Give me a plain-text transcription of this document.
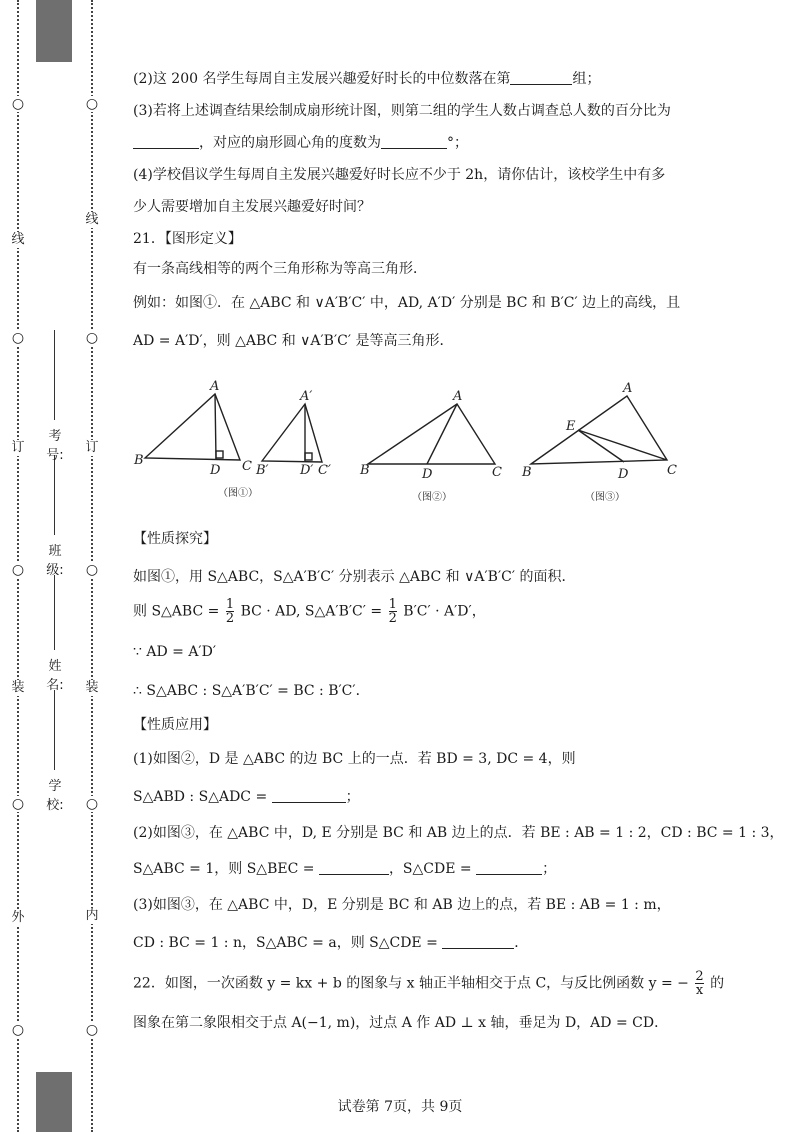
○
线
○
订
○
装
○
外
○
学校:
姓名:
班级:
考号:
○
线
○
订
○
装
○
内
○
(2)这 200 名学生每周自主发展兴趣爱好时长的中位数落在第	组；
(3)若将上述调查结果绘制成扇形统计图，则第二组的学生人数占调查总人数的百分比为
，对应的扇形圆心角的度数为	°；
(4)学校倡议学生每周自主发展兴趣爱好时长应不少于 2h，请你估计，该校学生中有多
少人需要增加自主发展兴趣爱好时间？
21．【图形定义】
有一条高线相等的两个三角形称为等高三角形．
例如：如图①．在 △ABC 和 ∨A′B′C′ 中，AD, A′D′ 分别是 BC 和 B′C′ 边上的高线，且
AD = A′D′，则 △ABC 和 ∨A′B′C′ 是等高三角形．
A
B
D C
A′
B′ D′ C′
A
B	D	C
A
E
B	D	C
（图①）	（图②）	（图③）
【性质探究】
如图①，用 S△ABC，S△A′B′C′ 分别表示 △ABC 和 ∨A′B′C′ 的面积．
则 S△ABC = $\frac{1}{2}$ BC · AD, S△A′B′C′ = $\frac{1}{2} B'C' \cdot A'D'$，
∵ AD = A′D′
∴ S△ABC : S△A′B′C′ = BC : B′C′．
【性质应用】
(1)如图②，D 是 △ABC 的边 BC 上的一点．若 BD = 3, DC = 4，则
S△ABD : S△ADC =	；
(2)如图③，在 △ABC 中，D, E 分别是 BC 和 AB 边上的点．若 BE : AB = 1 : 2，CD : BC = 1 : 3，
S△ABC = 1，则 S△BEC =	，S△CDE =	；
(3)如图③，在 △ABC 中，D，E 分别是 BC 和 AB 边上的点，若 BE : AB = 1 : m，
CD : BC = 1 : n，S△ABC = a，则 S△CDE =	．
22．如图，一次函数 y = kx + b 的图象与 x 轴正半轴相交于点 C，与反比例函数 y = − $\frac{2}{x}$ 的
图象在第二象限相交于点 A(−1, m)，过点 A 作 AD ⊥ x 轴，垂足为 D，AD = CD．
试卷第 7页，共 9页
